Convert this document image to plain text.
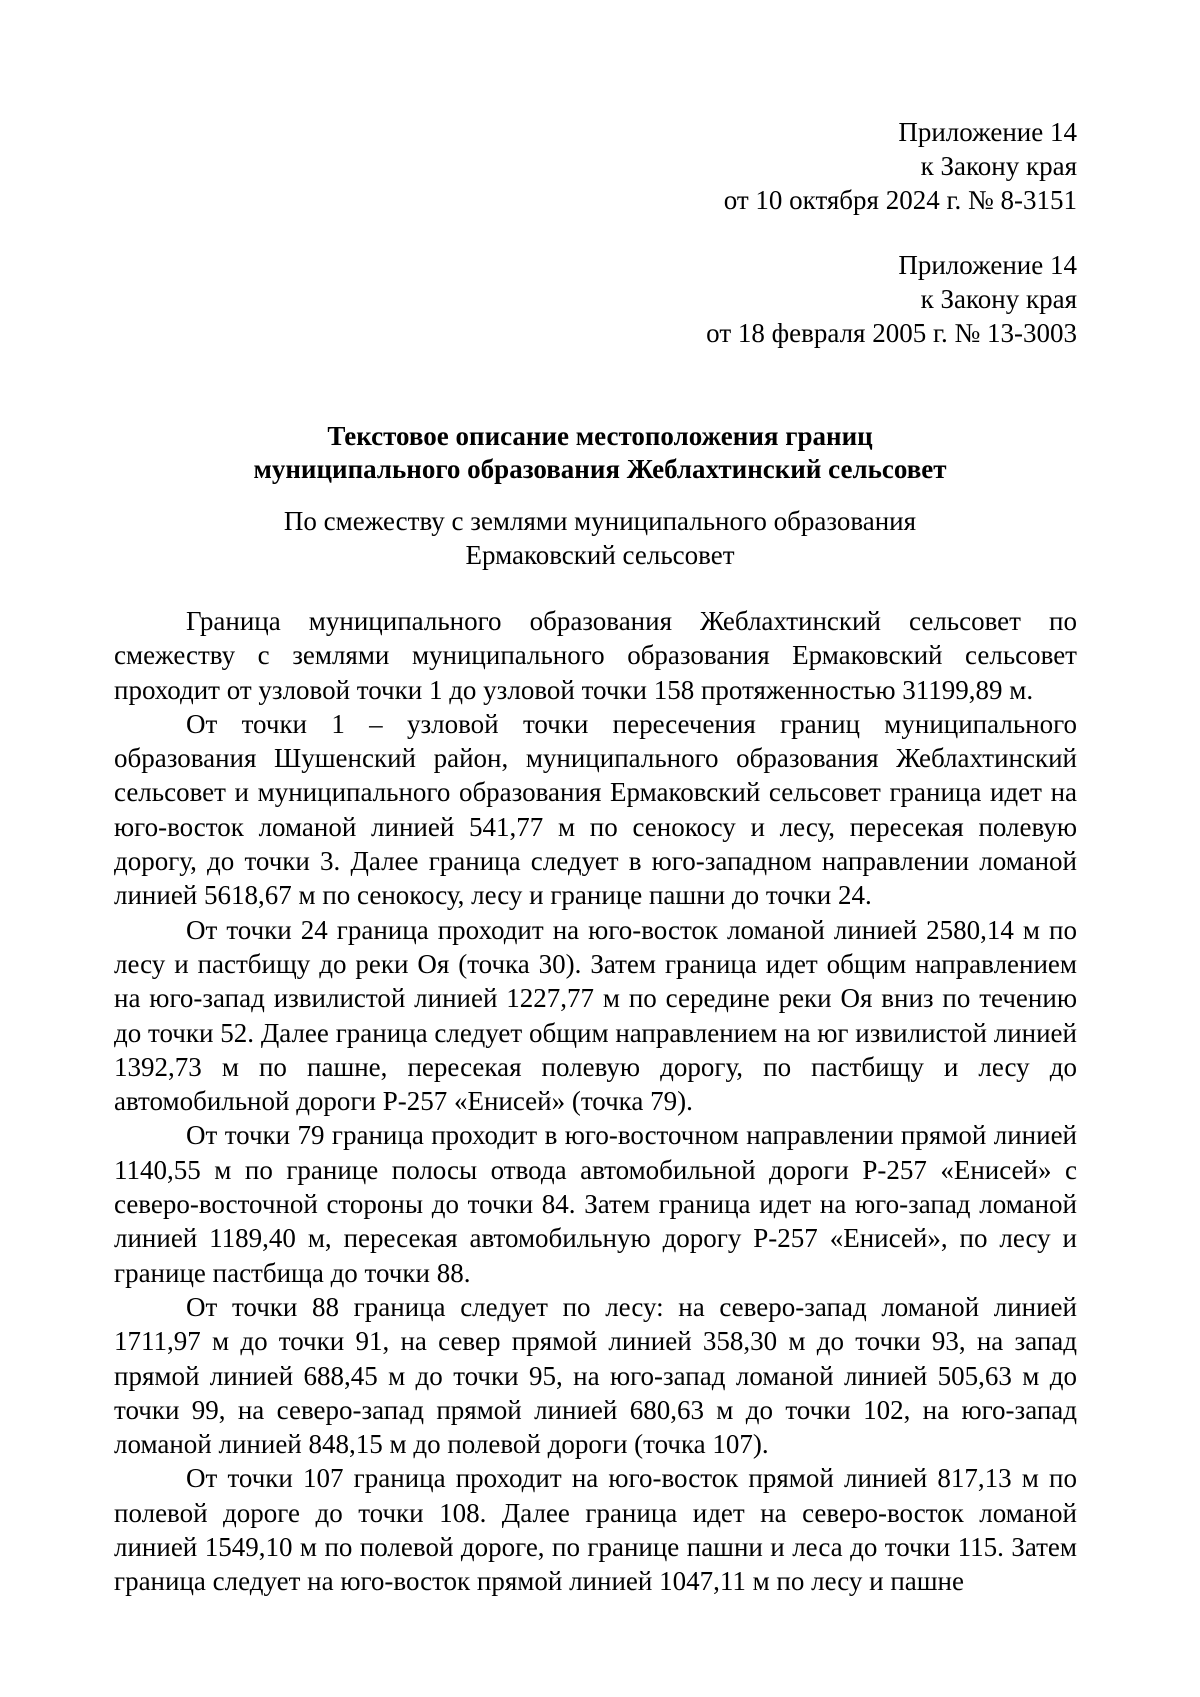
Приложение 14
к Закону края
от 10 октября 2024 г. № 8-3151
Приложение 14
к Закону края
от 18 февраля 2005 г. № 13-3003
Текстовое описание местоположения границ
муниципального образования Жеблахтинский сельсовет
По смежеству с землями муниципального образования
Ермаковский сельсовет

Граница муниципального образования Жеблахтинский сельсовет по смежеству с землями муниципального образования Ермаковский сельсовет проходит от узловой точки 1 до узловой точки 158 протяженностью 31199,89 м.

От точки 1 – узловой точки пересечения границ муниципального образования Шушенский район, муниципального образования Жеблахтинский сельсовет и муниципального образования Ермаковский сельсовет граница идет на юго-восток ломаной линией 541,77 м по сенокосу и лесу, пересекая полевую дорогу, до точки 3. Далее граница следует в юго-западном направлении ломаной линией 5618,67 м по сенокосу, лесу и границе пашни до точки 24.

От точки 24 граница проходит на юго-восток ломаной линией 2580,14 м по лесу и пастбищу до реки Оя (точка 30). Затем граница идет общим направлением на юго-запад извилистой линией 1227,77 м по середине реки Оя вниз по течению до точки 52. Далее граница следует общим направлением на юг извилистой линией 1392,73 м по пашне, пересекая полевую дорогу, по пастбищу и лесу до автомобильной дороги Р-257 «Енисей» (точка 79).

От точки 79 граница проходит в юго-восточном направлении прямой линией 1140,55 м по границе полосы отвода автомобильной дороги Р-257 «Енисей» с северо-восточной стороны до точки 84. Затем граница идет на юго-запад ломаной линией 1189,40 м, пересекая автомобильную дорогу Р-257 «Енисей», по лесу и границе пастбища до точки 88.

От точки 88 граница следует по лесу: на северо-запад ломаной линией 1711,97 м до точки 91, на север прямой линией 358,30 м до точки 93, на запад прямой линией 688,45 м до точки 95, на юго-запад ломаной линией 505,63 м до точки 99, на северо-запад прямой линией 680,63 м до точки 102, на юго-запад ломаной линией 848,15 м до полевой дороги (точка 107).

От точки 107 граница проходит на юго-восток прямой линией 817,13 м по полевой дороге до точки 108. Далее граница идет на северо-восток ломаной линией 1549,10 м по полевой дороге, по границе пашни и леса до точки 115. Затем граница следует на юго-восток прямой линией 1047,11 м по лесу и пашне
